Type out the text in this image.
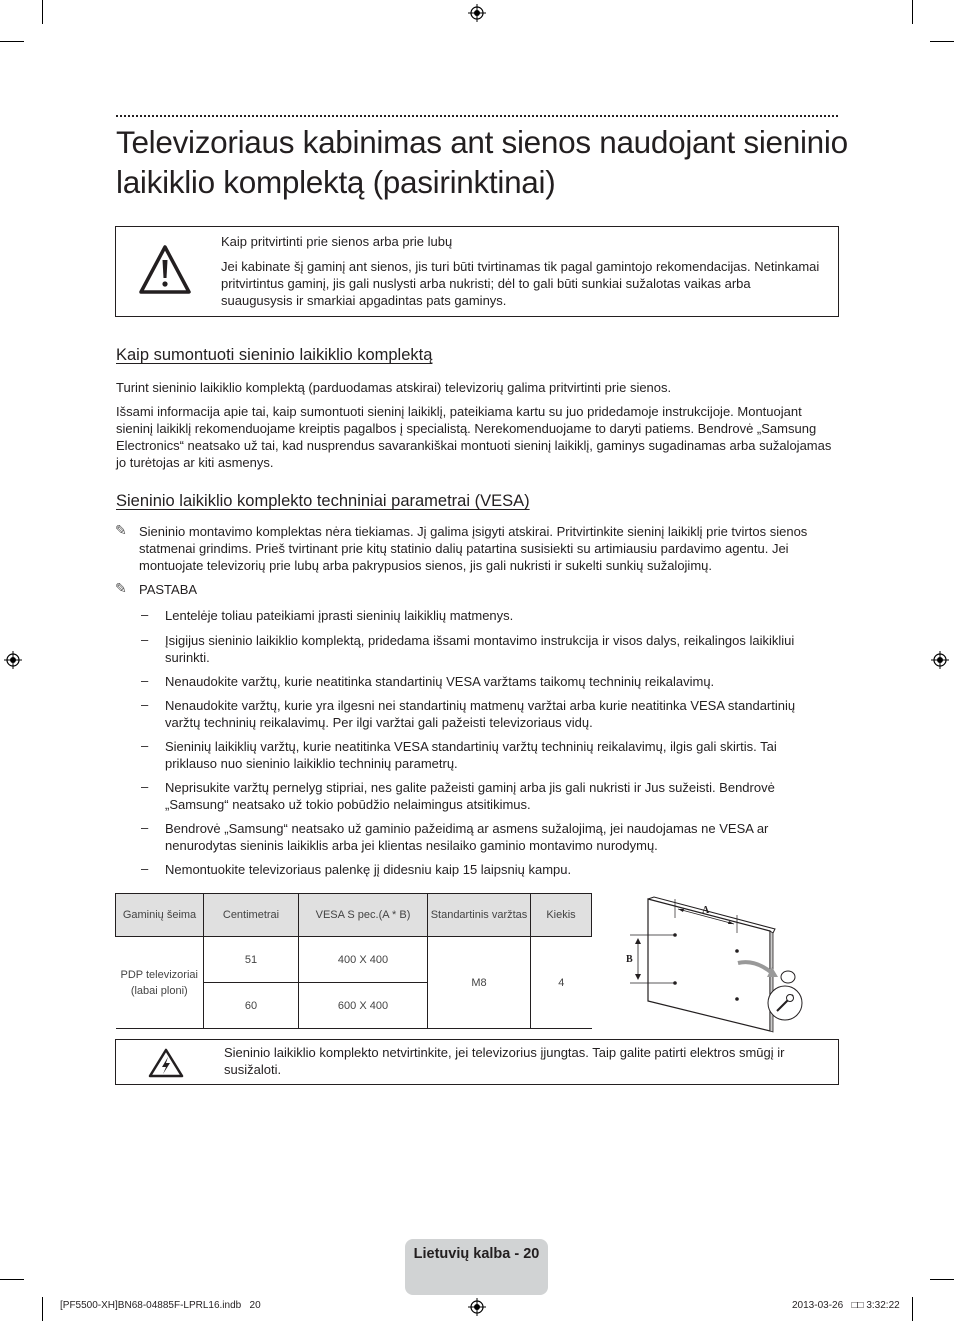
Televizoriaus kabinimas ant sienos naudojant sieninio
laikiklio komplektą (pasirinktinai)
Kaip pritvirtinti prie sienos arba prie lubų
Jei kabinate šį gaminį ant sienos, jis turi būti tvirtinamas tik pagal gamintojo rekomendacijas. Netinkamai pritvirtintus gaminį, jis gali nuslysti arba nukristi; dėl to gali būti sunkiai sužalotas vaikas arba suaugusysis ir smarkiai apgadintas pats gaminys.
Kaip sumontuoti sieninio laikiklio komplektą

Turint sieninio laikiklio komplektą (parduodamas atskirai) televizorių galima pritvirtinti prie sienos.

Išsami informacija apie tai, kaip sumontuoti sieninį laikiklį, pateikiama kartu su juo pridedamoje instrukcijoje. Montuojant sieninį laikiklį rekomenduojame kreiptis pagalbos į specialistą. Nerekomenduojame to daryti patiems. Bendrovė „Samsung Electronics“ neatsako už tai, kad nusprendus savarankiškai montuoti sieninį laikiklį, gaminys sugadinamas arba sužalojamas jo turėtojas ar kiti asmenys.

Sieninio laikiklio komplekto techniniai parametrai (VESA)
✎ Sieninio montavimo komplektas nėra tiekiamas. Jį galima įsigyti atskirai. Pritvirtinkite sieninį laikiklį prie tvirtos sienos statmenai grindims. Prieš tvirtinant prie kitų statinio dalių patartina susisiekti su artimiausiu pardavimo agentu. Jei montuojate televizorių prie lubų arba pakrypusios sienos, jis gali nukristi ir sukelti sunkių sužalojimų.
✎ PASTABA
– Lentelėje toliau pateikiami įprasti sieninių laikiklių matmenys.
– Įsigijus sieninio laikiklio komplektą, pridedama išsami montavimo instrukcija ir visos dalys, reikalingos laikikliui surinkti.
– Nenaudokite varžtų, kurie neatitinka standartinių VESA varžtams taikomų techninių reikalavimų.
– Nenaudokite varžtų, kurie yra ilgesni nei standartinių matmenų varžtai arba kurie neatitinka VESA standartinių varžtų techninių reikalavimų. Per ilgi varžtai gali pažeisti televizoriaus vidų.
– Sieninių laikiklių varžtų, kurie neatitinka VESA standartinių varžtų techninių reikalavimų, ilgis gali skirtis. Tai priklauso nuo sieninio laikiklio techninių parametrų.
– Neprisukite varžtų pernelyg stipriai, nes galite pažeisti gaminį arba jis gali nukristi ir Jus sužeisti. Bendrovė „Samsung“ neatsako už tokio pobūdžio nelaimingus atsitikimus.
– Bendrovė „Samsung“ neatsako už gaminio pažeidimą ar asmens sužalojimą, jei naudojamas ne VESA ar nenurodytas sieninis laikiklis arba jei klientas nesilaiko gaminio montavimo nurodymų.
– Nemontuokite televizoriaus palenkę jį didesniu kaip 15 laipsnių kampu.
Gaminių šeima	Centimetrai	VESA S pec.(A * B)	Standartinis varžtas	Kiekis
PDP televizoriai (labai ploni)	51	400 X 400	M8	4
	60	600 X 400		
A
B
Sieninio laikiklio komplekto netvirtinkite, jei televizorius įjungtas. Taip galite patirti elektros smūgį ir susižaloti.
Lietuvių kalba - 20
[PF5500-XH]BN68-04885F-LPRL16.indb   20	2013-03-26   □□ 3:32:22
